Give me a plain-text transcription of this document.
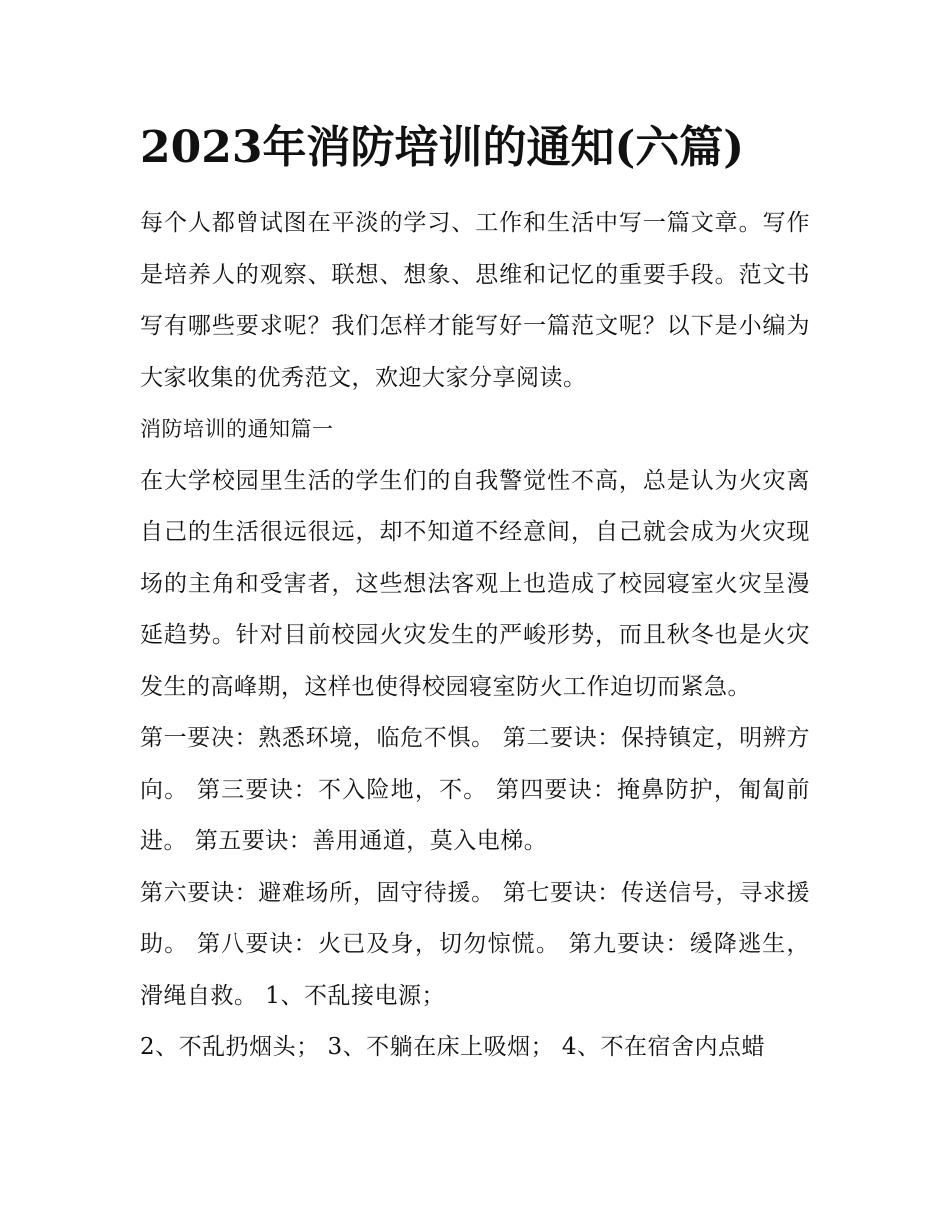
2023年消防培训的通知(六篇)

每个人都曾试图在平淡的学习、工作和生活中写一篇文章。写作是培养人的观察、联想、想象、思维和记忆的重要手段。范文书写有哪些要求呢？我们怎样才能写好一篇范文呢？以下是小编为大家收集的优秀范文，欢迎大家分享阅读。

消防培训的通知篇一

在大学校园里生活的学生们的自我警觉性不高，总是认为火灾离自己的生活很远很远，却不知道不经意间，自己就会成为火灾现场的主角和受害者，这些想法客观上也造成了校园寝室火灾呈漫延趋势。针对目前校园火灾发生的严峻形势，而且秋冬也是火灾发生的高峰期，这样也使得校园寝室防火工作迫切而紧急。

第一要决：熟悉环境，临危不惧。 第二要诀：保持镇定，明辨方向。 第三要诀：不入险地，不。 第四要诀：掩鼻防护，匍匐前进。 第五要诀：善用通道，莫入电梯。

第六要诀：避难场所，固守待援。 第七要诀：传送信号，寻求援助。 第八要诀：火已及身，切勿惊慌。 第九要诀：缓降逃生，滑绳自救。 1、不乱接电源；

2、不乱扔烟头； 3、不躺在床上吸烟； 4、不在宿舍内点蜡
